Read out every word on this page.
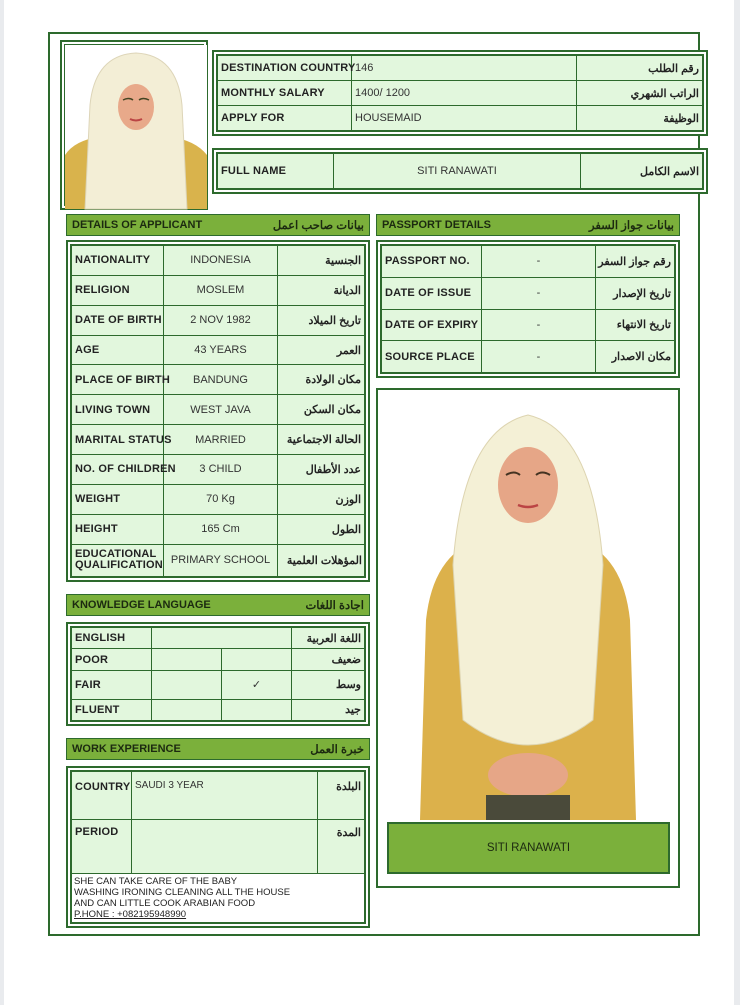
DESTINATION COUNTRY	146	رقم الطلب
MONTHLY SALARY	1400/ 1200	الراتب الشهري
APPLY FOR	HOUSEMAID	الوظيفة
FULL NAME	SITI RANAWATI	الاسم الكامل
DETAILS OF APPLICANT	بيانات صاحب اعمل
NATIONALITY	INDONESIA	الجنسية
RELIGION	MOSLEM	الديانة
DATE OF BIRTH	2 NOV 1982	تاريخ الميلاد
AGE	43 YEARS	العمر
PLACE OF BIRTH	BANDUNG	مكان الولادة
LIVING TOWN	WEST JAVA	مكان السكن
MARITAL STATUS	MARRIED	الحالة الاجتماعية
NO. OF CHILDREN	3 CHILD	عدد الأطفال
WEIGHT	70 Kg	الوزن
HEIGHT	165 Cm	الطول

EDUCATIONAL
QUALIFICATION	PRIMARY SCHOOL	المؤهلات العلمية
PASSPORT DETAILS	بيانات جواز السفر
PASSPORT NO.	-	رقم جواز السفر
DATE OF ISSUE	-	تاريخ الإصدار
DATE OF EXPIRY	-	تاريخ الانتهاء
SOURCE PLACE	-	مكان الاصدار
SITI RANAWATI
KNOWLEDGE LANGUAGE	اجادة اللغات
ENGLISH			اللغة العربية
POOR			ضعيف
FAIR		✓	وسط
FLUENT			جيد
WORK EXPERIENCE	خبرة العمل
COUNTRY	SAUDI 3 YEAR	البلدة
PERIOD		المدة

SHE CAN TAKE CARE OF THE BABY
WASHING IRONING CLEANING ALL THE HOUSE
AND CAN LITTLE COOK ARABIAN FOOD
P.HONE : +082195948990		
